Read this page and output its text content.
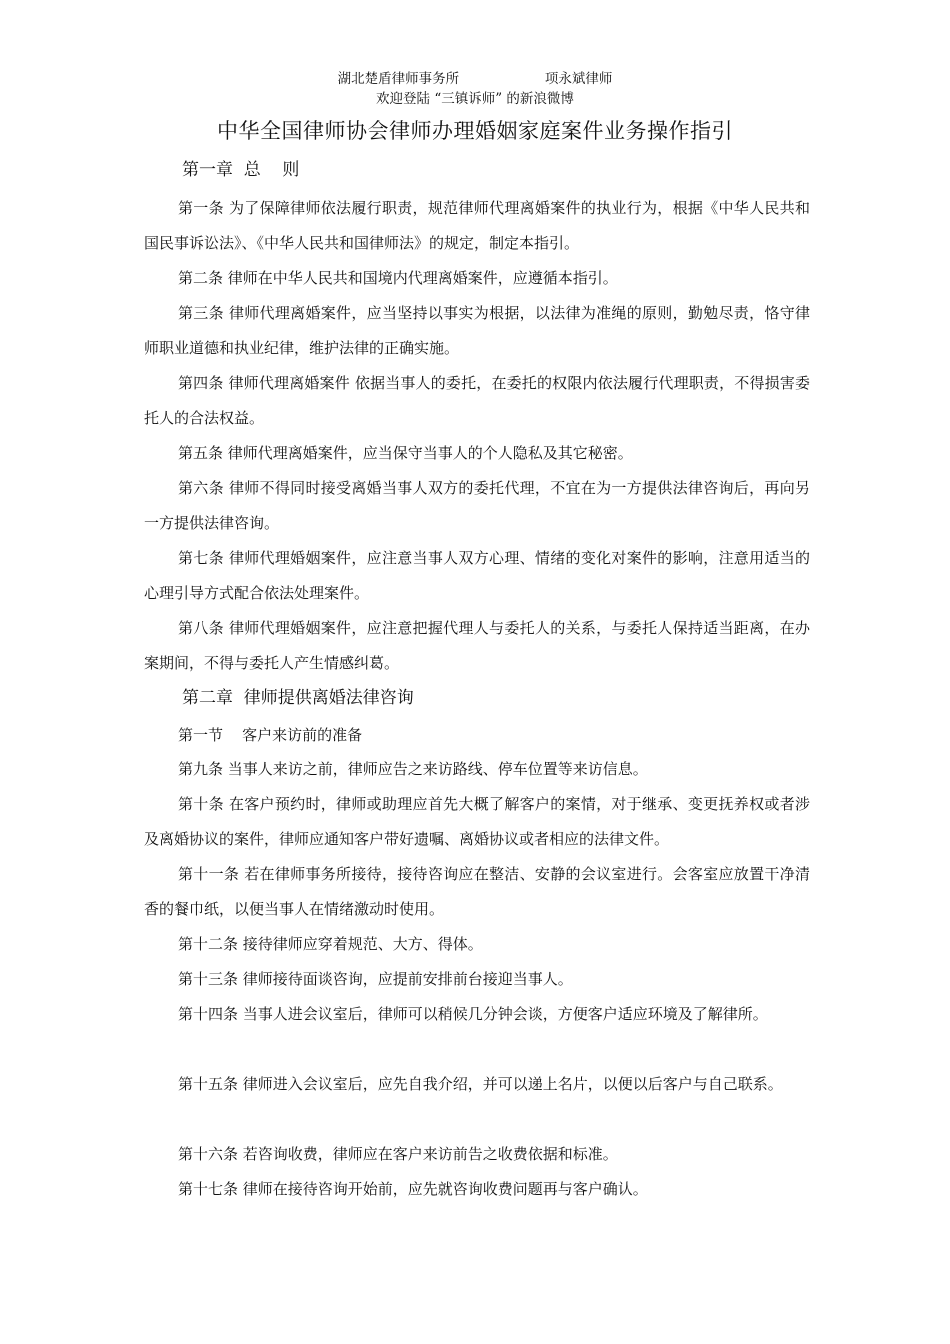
湖北楚盾律师事务所                    项永斌律师
欢迎登陆 “三镇诉师” 的新浪微博
中华全国律师协会律师办理婚姻家庭案件业务操作指引
第一章  总    则
第一条 为了保障律师依法履行职责，规范律师代理离婚案件的执业行为，根据《中华人民共和国民事诉讼法》、《中华人民共和国律师法》的规定，制定本指引。
第二条 律师在中华人民共和国境内代理离婚案件，应遵循本指引。
第三条 律师代理离婚案件，应当坚持以事实为根据，以法律为准绳的原则，勤勉尽责，恪守律师职业道德和执业纪律，维护法律的正确实施。
第四条 律师代理离婚案件 依据当事人的委托，在委托的权限内依法履行代理职责，不得损害委托人的合法权益。
第五条 律师代理离婚案件，应当保守当事人的个人隐私及其它秘密。
第六条 律师不得同时接受离婚当事人双方的委托代理，不宜在为一方提供法律咨询后，再向另一方提供法律咨询。
第七条 律师代理婚姻案件，应注意当事人双方心理、情绪的变化对案件的影响，注意用适当的心理引导方式配合依法处理案件。
第八条 律师代理婚姻案件，应注意把握代理人与委托人的关系，与委托人保持适当距离，在办案期间，不得与委托人产生情感纠葛。
第二章  律师提供离婚法律咨询
第一节    客户来访前的准备
第九条 当事人来访之前，律师应告之来访路线、停车位置等来访信息。
第十条 在客户预约时，律师或助理应首先大概了解客户的案情，对于继承、变更抚养权或者涉及离婚协议的案件，律师应通知客户带好遗嘱、离婚协议或者相应的法律文件。
第十一条 若在律师事务所接待，接待咨询应在整洁、安静的会议室进行。会客室应放置干净清香的餐巾纸，以便当事人在情绪激动时使用。
第十二条 接待律师应穿着规范、大方、得体。
第十三条 律师接待面谈咨询，应提前安排前台接迎当事人。
第十四条 当事人进会议室后，律师可以稍候几分钟会谈，方便客户适应环境及了解律所。
第十五条 律师进入会议室后，应先自我介绍，并可以递上名片，以便以后客户与自己联系。
第十六条 若咨询收费，律师应在客户来访前告之收费依据和标准。
第十七条 律师在接待咨询开始前，应先就咨询收费问题再与客户确认。
